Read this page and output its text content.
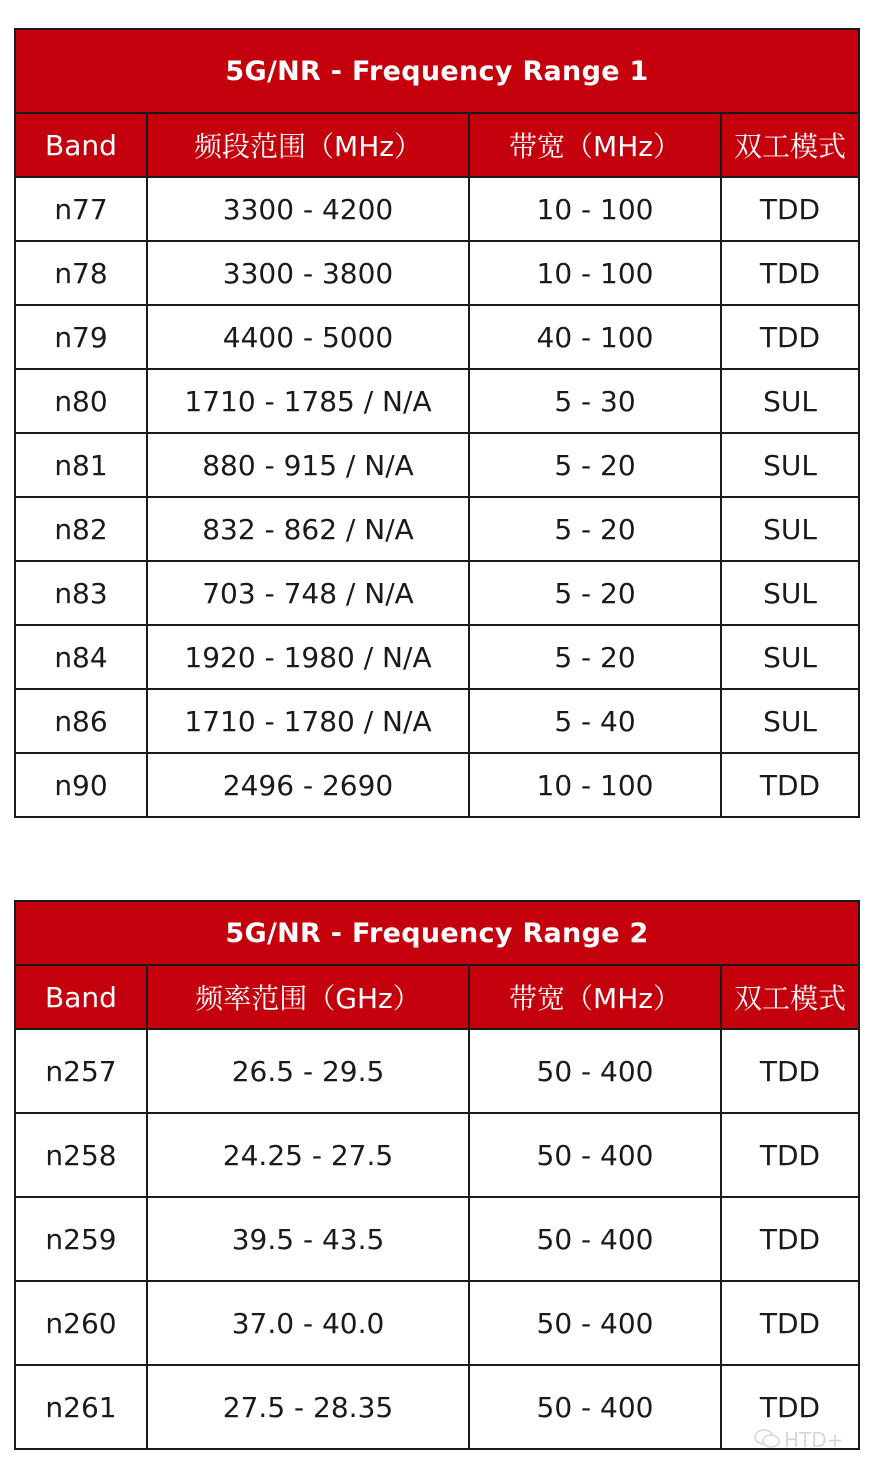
5G/NR - Frequency Range 1			
Band	频段范围（MHz）	带宽（MHz）	双工模式
n77	3300 - 4200	10 - 100	TDD
n78	3300 - 3800	10 - 100	TDD
n79	4400 - 5000	40 - 100	TDD
n80	1710 - 1785 / N/A	5 - 30	SUL
n81	880 - 915 / N/A	5 - 20	SUL
n82	832 - 862 / N/A	5 - 20	SUL
n83	703 - 748 / N/A	5 - 20	SUL
n84	1920 - 1980 / N/A	5 - 20	SUL
n86	1710 - 1780 / N/A	5 - 40	SUL
n90	2496 - 2690	10 - 100	TDD
5G/NR - Frequency Range 2			
Band	频率范围（GHz）	带宽（MHz）	双工模式
n257	26.5 - 29.5	50 - 400	TDD
n258	24.25 - 27.5	50 - 400	TDD
n259	39.5 - 43.5	50 - 400	TDD
n260	37.0 - 40.0	50 - 400	TDD
n261	27.5 - 28.35	50 - 400	TDD
HTD+
